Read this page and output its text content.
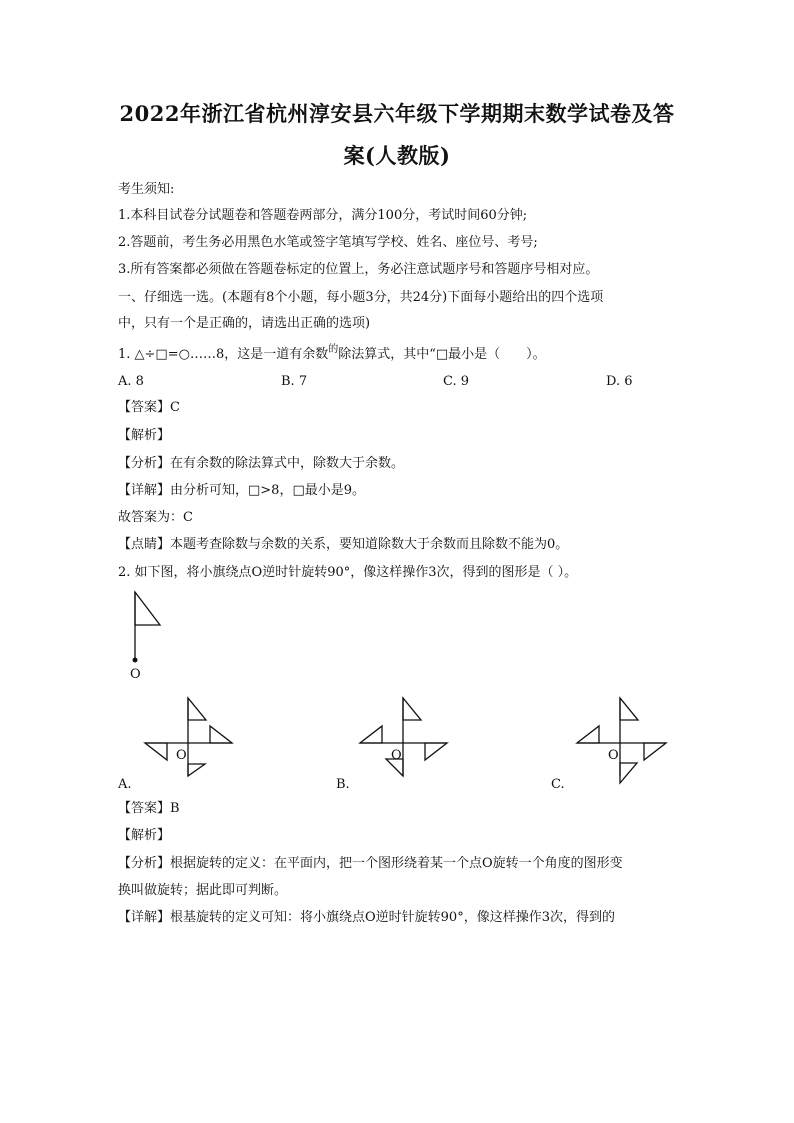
2022年浙江省杭州淳安县六年级下学期期末数学试卷及答
案(人教版)
考生须知:
1.本科目试卷分试题卷和答题卷两部分，满分100分，考试时间60分钟;
2.答题前，考生务必用黑色水笔或签字笔填写学校、姓名、座位号、考号;
3.所有答案都必须做在答题卷标定的位置上，务必注意试题序号和答题序号相对应。
一、仔细选一选。(本题有8个小题，每小题3分，共24分)下面每小题给出的四个选项
中，只有一个是正确的，请选出正确的选项)
1. △÷□=○……8，这是一道有余数$^的$除法算式，其中“□最小是（　　）。
A. 8	B. 7	C. 9	D. 6
【答案】C
【解析】
【分析】在有余数的除法算式中，除数大于余数。
【详解】由分析可知，□>8，□最小是9。
故答案为：C
【点睛】本题考查除数与余数的关系，要知道除数大于余数而且除数不能为0。
2. 如下图，将小旗绕点O逆时针旋转90°，像这样操作3次，得到的图形是（ ）。
O
O
A.
O
B.
O
C.
【答案】B
【解析】
【分析】根据旋转的定义：在平面内，把一个图形绕着某一个点O旋转一个角度的图形变
换叫做旋转；据此即可判断。
【详解】根基旋转的定义可知：将小旗绕点O逆时针旋转90°，像这样操作3次，得到的
